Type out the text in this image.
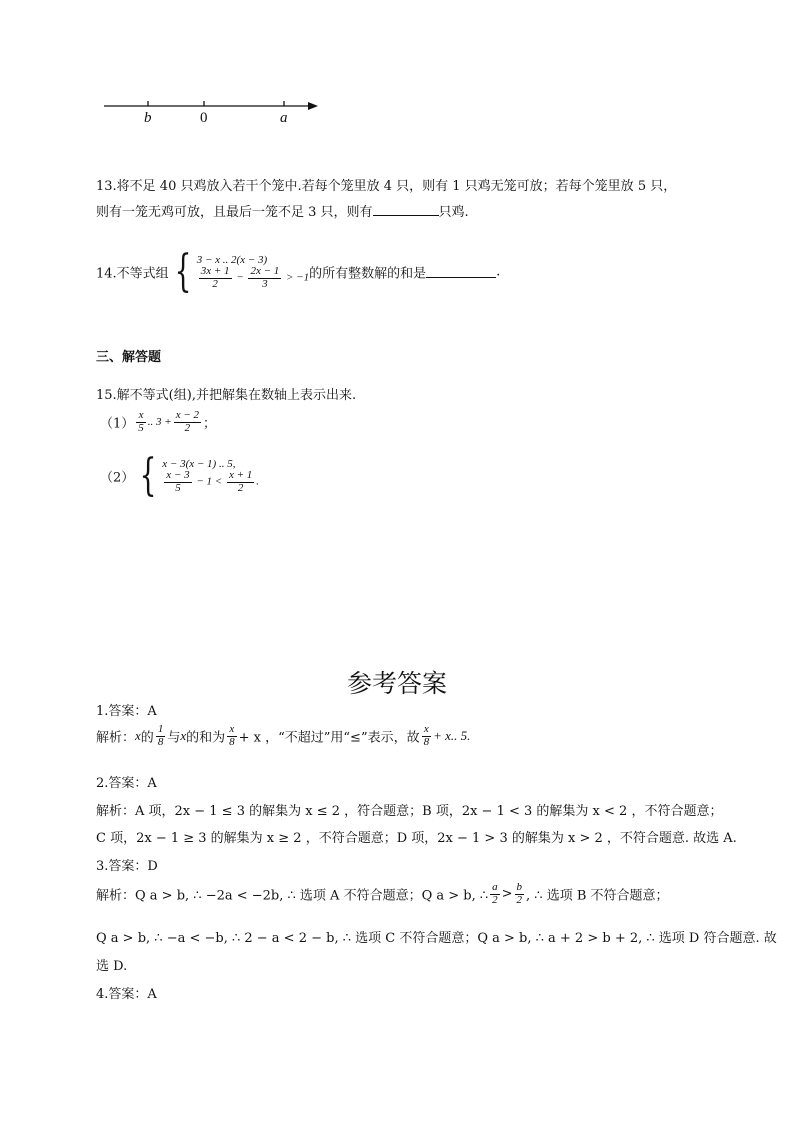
b	0	a
13.将不足 40 只鸡放入若干个笼中.若每个笼里放 4 只，则有 1 只鸡无笼可放；若每个笼里放 5 只，
则有一笼无鸡可放，且最后一笼不足 3 只，则有	只鸡.
14.不等式组 { 3 − x .. 2(x − 3)
$\frac{3x + 1}{2} - \frac{2x - 1}{3} > -1$ 的所有整数解的和是	.
三、解答题
15.解不等式(组),并把解集在数轴上表示出来.
$(1) \frac{x}{5}$ .. $3 + \frac{x - 2}{2}$ ；
（2） { x − 3(x − 1) .. 5,
$\frac{x - 3}{5} - 1 < \frac{x + 1}{2}$ .
参考答案
1.答案：A
解析：x的 $\frac{1}{8}$ 与x的和为 $\frac{x}{8} + x$ ，“不超过”用“≤”表示，故 $\frac{x}{8} + x$.. 5.
2.答案：A
解析：A 项，2x − 1 ≤ 3 的解集为 x ≤ 2 ，符合题意；B 项，2x − 1 < 3 的解集为 x < 2 ，不符合题意；
C 项，2x − 1 ≥ 3 的解集为 x ≥ 2 ，不符合题意；D 项，2x − 1 > 3 的解集为 x > 2 ，不符合题意. 故选 A.
3.答案：D
解析：Q a > b, ∴ −2a < −2b, ∴ 选项 A 不符合题意；Q a > b, ∴ $\frac{a}{2} > \frac{b}{2}$ , ∴ 选项 B 不符合题意；
Q a > b, ∴ −a < −b, ∴ 2 − a < 2 − b, ∴ 选项 C 不符合题意；Q a > b, ∴ a + 2 > b + 2, ∴ 选项 D 符合题意. 故
选 D.
4.答案：A
